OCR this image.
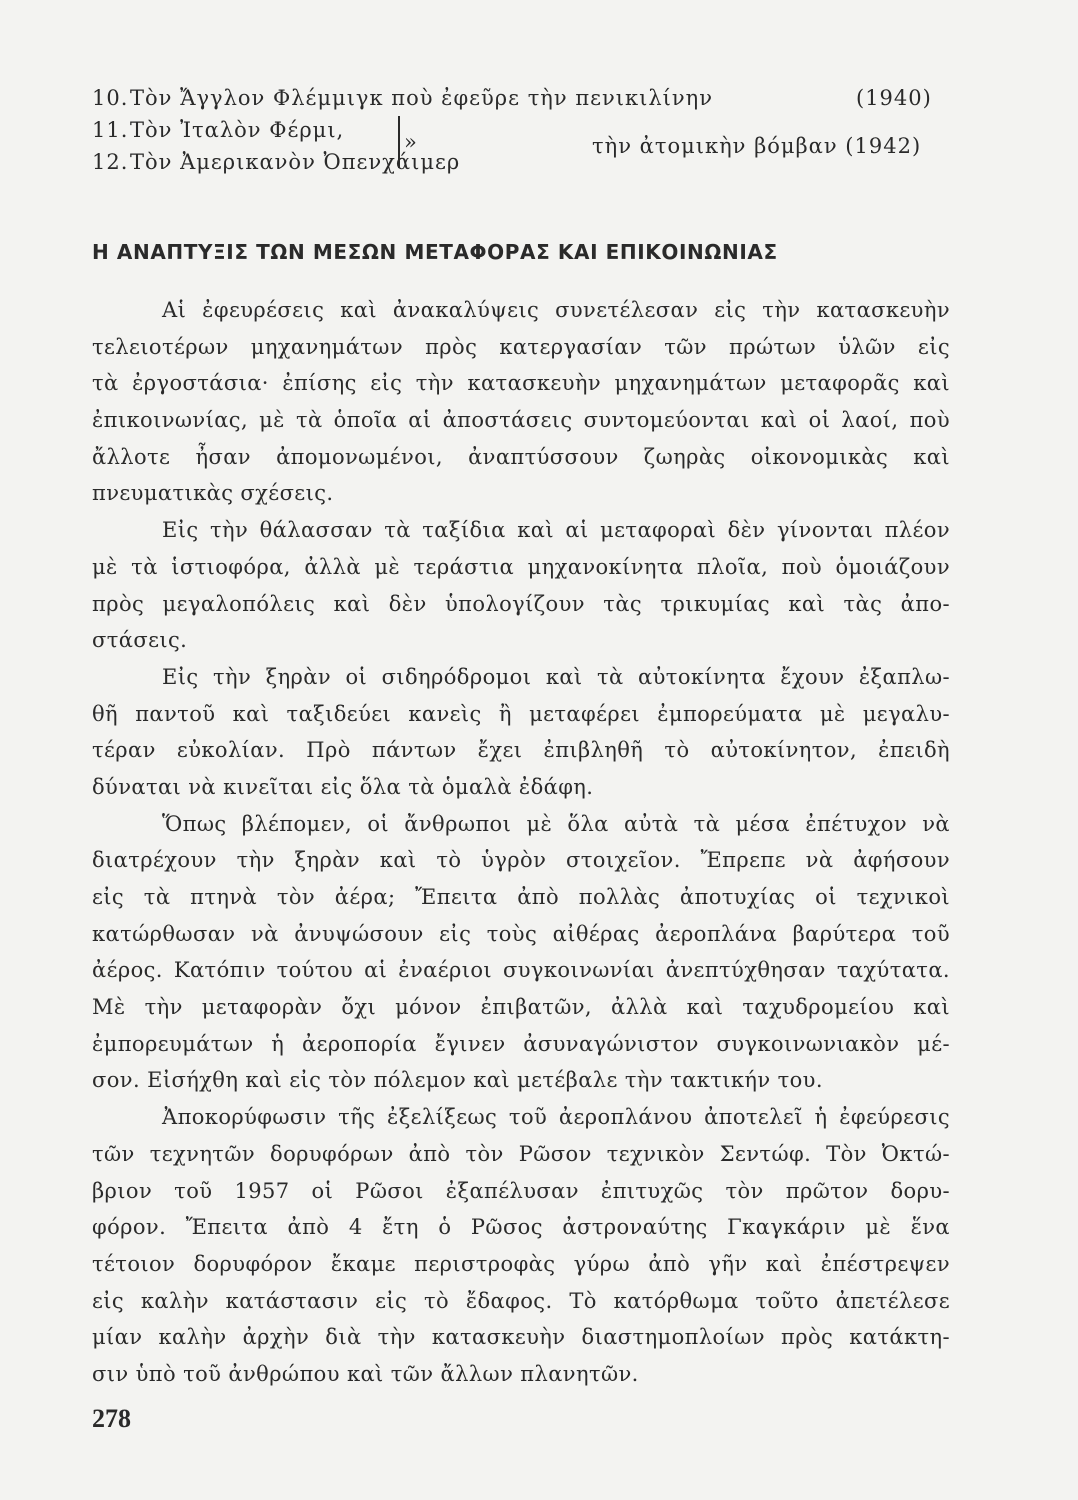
10.Τὸν Ἄγγλον Φλέμμιγκ ποὺ ἐφεῦρε τὴν πενικιλίνην	(1940)
11.Τὸν Ἰταλὸν Φέρμι,
12.Τὸν Ἀμερικανὸν Ὀπενχάιμερ
»	τὴν ἀτομικὴν βόμβαν (1942)
Η ΑΝΑΠΤΥΞΙΣ ΤΩΝ ΜΕΣΩΝ ΜΕΤΑΦΟΡΑΣ ΚΑΙ ΕΠΙΚΟΙΝΩΝΙΑΣ
Αἱ ἐφευρέσεις καὶ ἀνακαλύψεις συνετέλεσαν εἰς τὴν κατασκευὴν
τελειοτέρων μηχανημάτων πρὸς κατεργασίαν τῶν πρώτων ὑλῶν εἰς
τὰ ἐργοστάσια· ἐπίσης εἰς τὴν κατασκευὴν μηχανημάτων μεταφορᾶς καὶ
ἐπικοινωνίας, μὲ τὰ ὁποῖα αἱ ἀποστάσεις συντομεύονται καὶ οἱ λαοί, ποὺ
ἄλλοτε ἦσαν ἀπομονωμένοι, ἀναπτύσσουν ζωηρὰς οἰκονομικὰς καὶ
πνευματικὰς σχέσεις.
Εἰς τὴν θάλασσαν τὰ ταξίδια καὶ αἱ μεταφοραὶ δὲν γίνονται πλέον
μὲ τὰ ἱστιοφόρα, ἀλλὰ μὲ τεράστια μηχανοκίνητα πλοῖα, ποὺ ὁμοιάζουν
πρὸς μεγαλοπόλεις καὶ δὲν ὑπολογίζουν τὰς τρικυμίας καὶ τὰς ἀπο-
στάσεις.
Εἰς τὴν ξηρὰν οἱ σιδηρόδρομοι καὶ τὰ αὐτοκίνητα ἔχουν ἐξαπλω-
θῆ παντοῦ καὶ ταξιδεύει κανεὶς ἢ μεταφέρει ἐμπορεύματα μὲ μεγαλυ-
τέραν εὐκολίαν. Πρὸ πάντων ἔχει ἐπιβληθῆ τὸ αὐτοκίνητον, ἐπειδὴ
δύναται νὰ κινεῖται εἰς ὅλα τὰ ὁμαλὰ ἐδάφη.
Ὅπως βλέπομεν, οἱ ἄνθρωποι μὲ ὅλα αὐτὰ τὰ μέσα ἐπέτυχον νὰ
διατρέχουν τὴν ξηρὰν καὶ τὸ ὑγρὸν στοιχεῖον. Ἔπρεπε νὰ ἀφήσουν
εἰς τὰ πτηνὰ τὸν ἀέρα; Ἔπειτα ἀπὸ πολλὰς ἀποτυχίας οἱ τεχνικοὶ
κατώρθωσαν νὰ ἀνυψώσουν εἰς τοὺς αἰθέρας ἀεροπλάνα βαρύτερα τοῦ
ἀέρος. Κατόπιν τούτου αἱ ἐναέριοι συγκοινωνίαι ἀνεπτύχθησαν ταχύτατα.
Μὲ τὴν μεταφορὰν ὄχι μόνον ἐπιβατῶν, ἀλλὰ καὶ ταχυδρομείου καὶ
ἐμπορευμάτων ἡ ἀεροπορία ἔγινεν ἀσυναγώνιστον συγκοινωνιακὸν μέ-
σον. Εἰσήχθη καὶ εἰς τὸν πόλεμον καὶ μετέβαλε τὴν τακτικήν του.
Ἀποκορύφωσιν τῆς ἐξελίξεως τοῦ ἀεροπλάνου ἀποτελεῖ ἡ ἐφεύρεσις
τῶν τεχνητῶν δορυφόρων ἀπὸ τὸν Ρῶσον τεχνικὸν Σεντώφ. Τὸν Ὀκτώ-
βριον τοῦ 1957 οἱ Ρῶσοι ἐξαπέλυσαν ἐπιτυχῶς τὸν πρῶτον δορυ-
φόρον. Ἔπειτα ἀπὸ 4 ἔτη ὁ Ρῶσος ἀστροναύτης Γκαγκάριν μὲ ἕνα
τέτοιον δορυφόρον ἔκαμε περιστροφὰς γύρω ἀπὸ γῆν καὶ ἐπέστρεψεν
εἰς καλὴν κατάστασιν εἰς τὸ ἔδαφος. Τὸ κατόρθωμα τοῦτο ἀπετέλεσε
μίαν καλὴν ἀρχὴν διὰ τὴν κατασκευὴν διαστημοπλοίων πρὸς κατάκτη-
σιν ὑπὸ τοῦ ἀνθρώπου καὶ τῶν ἄλλων πλανητῶν.
278
